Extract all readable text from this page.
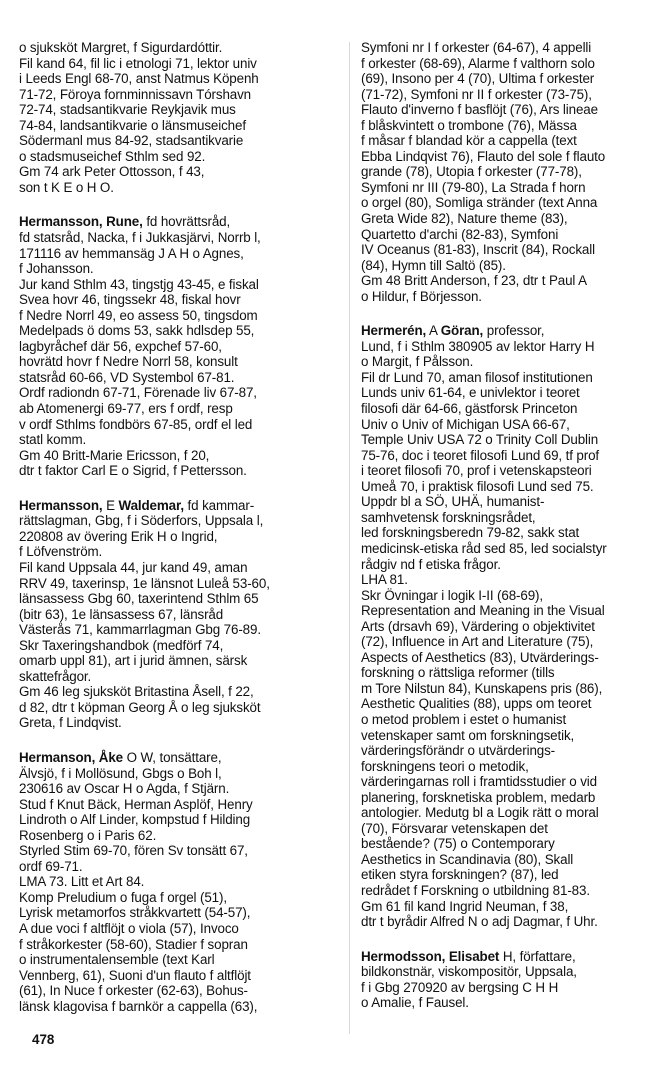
o sjuksköt Margret, f Sigurdardóttir.
Fil kand 64, fil lic i etnologi 71, lektor univ
i Leeds Engl 68-70, anst Natmus Köpenh
71-72, Föroya fornminnissavn Tórshavn
72-74, stadsantikvarie Reykjavik mus
74-84, landsantikvarie o länsmuseichef
Södermanl mus 84-92, stadsantikvarie
o stadsmuseichef Sthlm sed 92.
Gm 74 ark Peter Ottosson, f 43,
son t K E o H O.
Hermansson, Rune, fd hovrättsråd,
fd statsråd, Nacka, f i Jukkasjärvi, Norrb l,
171116 av hemmansäg J A H o Agnes,
f Johansson.
Jur kand Sthlm 43, tingstjg 43-45, e fiskal
Svea hovr 46, tingssekr 48, fiskal hovr
f Nedre Norrl 49, eo assess 50, tingsdom
Medelpads ö doms 53, sakk hdlsdep 55,
lagbyråchef där 56, expchef 57-60,
hovrätd hovr f Nedre Norrl 58, konsult
statsråd 60-66, VD Systembol 67-81.
Ordf radiondn 67-71, Förenade liv 67-87,
ab Atomenergi 69-77, ers f ordf, resp
v ordf Sthlms fondbörs 67-85, ordf el led
statl komm.
Gm 40 Britt-Marie Ericsson, f 20,
dtr t faktor Carl E o Sigrid, f Pettersson.
Hermansson, E Waldemar, fd kammar-
rättslagman, Gbg, f i Söderfors, Uppsala l,
220808 av övering Erik H o Ingrid,
f Löfvenström.
Fil kand Uppsala 44, jur kand 49, aman
RRV 49, taxerinsp, 1e länsnot Luleå 53-60,
länsassess Gbg 60, taxerintend Sthlm 65
(bitr 63), 1e länsassess 67, länsråd
Västerås 71, kammarrlagman Gbg 76-89.
Skr Taxeringshandbok (medförf 74,
omarb uppl 81), art i jurid ämnen, särsk
skattefrågor.
Gm 46 leg sjuksköt Britastina Åsell, f 22,
d 82, dtr t köpman Georg Å o leg sjuksköt
Greta, f Lindqvist.
Hermanson, Åke O W, tonsättare,
Älvsjö, f i Mollösund, Gbgs o Boh l,
230616 av Oscar H o Agda, f Stjärn.
Stud f Knut Bäck, Herman Asplöf, Henry
Lindroth o Alf Linder, kompstud f Hilding
Rosenberg o i Paris 62.
Styrled Stim 69-70, fören Sv tonsätt 67,
ordf 69-71.
LMA 73. Litt et Art 84.
Komp Preludium o fuga f orgel (51),
Lyrisk metamorfos stråkkvartett (54-57),
A due voci f altflöjt o viola (57), Invoco
f stråkorkester (58-60), Stadier f sopran
o instrumentalensemble (text Karl
Vennberg, 61), Suoni d'un flauto f altflöjt
(61), In Nuce f orkester (62-63), Bohus-
länsk klagovisa f barnkör a cappella (63),
Symfoni nr I f orkester (64-67), 4 appelli
f orkester (68-69), Alarme f valthorn solo
(69), Insono per 4 (70), Ultima f orkester
(71-72), Symfoni nr II f orkester (73-75),
Flauto d'inverno f basflöjt (76), Ars lineae
f blåskvintett o trombone (76), Mässa
f måsar f blandad kör a cappella (text
Ebba Lindqvist 76), Flauto del sole f flauto
grande (78), Utopia f orkester (77-78),
Symfoni nr III (79-80), La Strada f horn
o orgel (80), Somliga stränder (text Anna
Greta Wide 82), Nature theme (83),
Quartetto d'archi (82-83), Symfoni
IV Oceanus (81-83), Inscrit (84), Rockall
(84), Hymn till Saltö (85).
Gm 48 Britt Anderson, f 23, dtr t Paul A
o Hildur, f Börjesson.
Hermerén, A Göran, professor,
Lund, f i Sthlm 380905 av lektor Harry H
o Margit, f Pålsson.
Fil dr Lund 70, aman filosof institutionen
Lunds univ 61-64, e univlektor i teoret
filosofi där 64-66, gästforsk Princeton
Univ o Univ of Michigan USA 66-67,
Temple Univ USA 72 o Trinity Coll Dublin
75-76, doc i teoret filosofi Lund 69, tf prof
i teoret filosofi 70, prof i vetenskapsteori
Umeå 70, i praktisk filosofi Lund sed 75.
Uppdr bl a SÖ, UHÄ, humanist-
samhvetensk forskningsrådet,
led forskningsberedn 79-82, sakk stat
medicinsk-etiska råd sed 85, led socialstyr
rådgiv nd f etiska frågor.
LHA 81.
Skr Övningar i logik I-II (68-69),
Representation and Meaning in the Visual
Arts (drsavh 69), Värdering o objektivitet
(72), Influence in Art and Literature (75),
Aspects of Aesthetics (83), Utvärderings-
forskning o rättsliga reformer (tills
m Tore Nilstun 84), Kunskapens pris (86),
Aesthetic Qualities (88), upps om teoret
o metod problem i estet o humanist
vetenskaper samt om forskningsetik,
värderingsförändr o utvärderings-
forskningens teori o metodik,
värderingarnas roll i framtidsstudier o vid
planering, forsknetiska problem, medarb
antologier. Medutg bl a Logik rätt o moral
(70), Försvarar vetenskapen det
bestående? (75) o Contemporary
Aesthetics in Scandinavia (80), Skall
etiken styra forskningen? (87), led
redrådet f Forskning o utbildning 81-83.
Gm 61 fil kand Ingrid Neuman, f 38,
dtr t byrådir Alfred N o adj Dagmar, f Uhr.
Hermodsson, Elisabet H, författare,
bildkonstnär, viskompositör, Uppsala,
f i Gbg 270920 av bergsing C H H
o Amalie, f Fausel.
478
